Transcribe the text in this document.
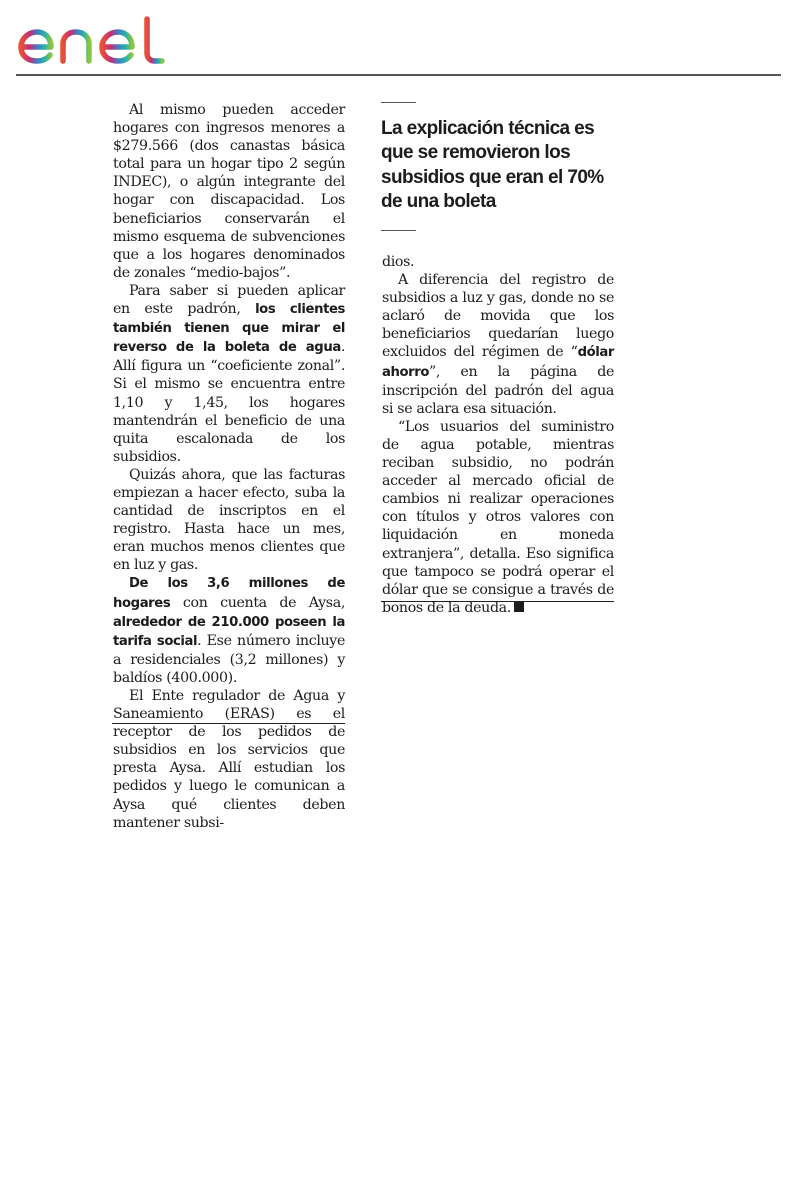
Al mismo pueden acceder hogares con ingresos menores a $279.566 (dos canastas básica total para un hogar tipo 2 según INDEC), o algún integrante del hogar con discapacidad. Los beneficiarios conservarán el mismo esquema de subvenciones que a los hogares denominados de zonales “medio-bajos”.

Para saber si pueden aplicar en este padrón, los clientes también tienen que mirar el reverso de la boleta de agua. Allí figura un “coeficiente zonal”. Si el mismo se encuentra entre 1,10 y 1,45, los hogares mantendrán el beneficio de una quita escalonada de los subsidios.

Quizás ahora, que las facturas empiezan a hacer efecto, suba la cantidad de inscriptos en el registro. Hasta hace un mes, eran muchos menos clientes que en luz y gas.

De los 3,6 millones de hogares con cuenta de Aysa, alrededor de 210.000 poseen la tarifa social. Ese número incluye a residenciales (3,2 millones) y baldíos (400.000).

El Ente regulador de Agua y Saneamiento (ERAS) es el receptor de los pedidos de subsidios en los servicios que presta Aysa. Allí estudian los pedidos y luego le comunican a Aysa qué clientes deben mantener subsi-

La explicación técnica es que se removieron los subsidios que eran el 70% de una boleta

dios.

A diferencia del registro de subsidios a luz y gas, donde no se aclaró de movida que los beneficiarios quedarían luego excluidos del régimen de “dólar ahorro”, en la página de inscripción del padrón del agua si se aclara esa situación.

“Los usuarios del suministro de agua potable, mientras reciban subsidio, no podrán acceder al mercado oficial de cambios ni realizar operaciones con títulos y otros valores con liquidación en moneda extranjera”, detalla. Eso significa que tampoco se podrá operar el dólar que se consigue a través de bonos de la deuda.
